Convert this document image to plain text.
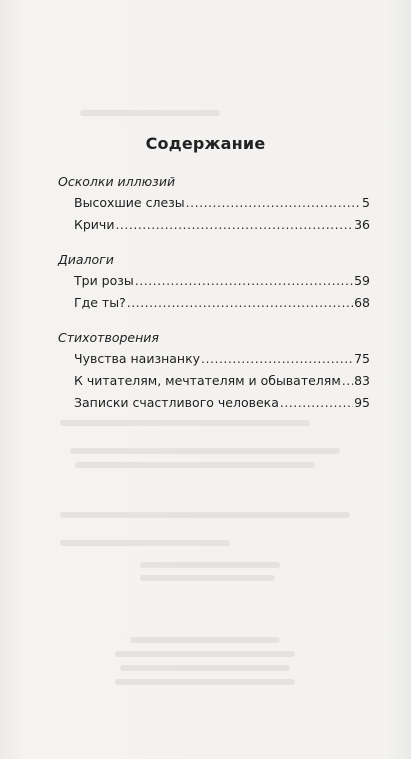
Содержание
Осколки иллюзий
Высохшие слезы .....	5
Кричи .....	36
Диалоги
Три розы .....	59
Где ты? .....	68
Стихотворения
Чувства наизнанку .....	75
К читателям, мечтателям и обывателям ..... 83
Записки счастливого человека .....	95
